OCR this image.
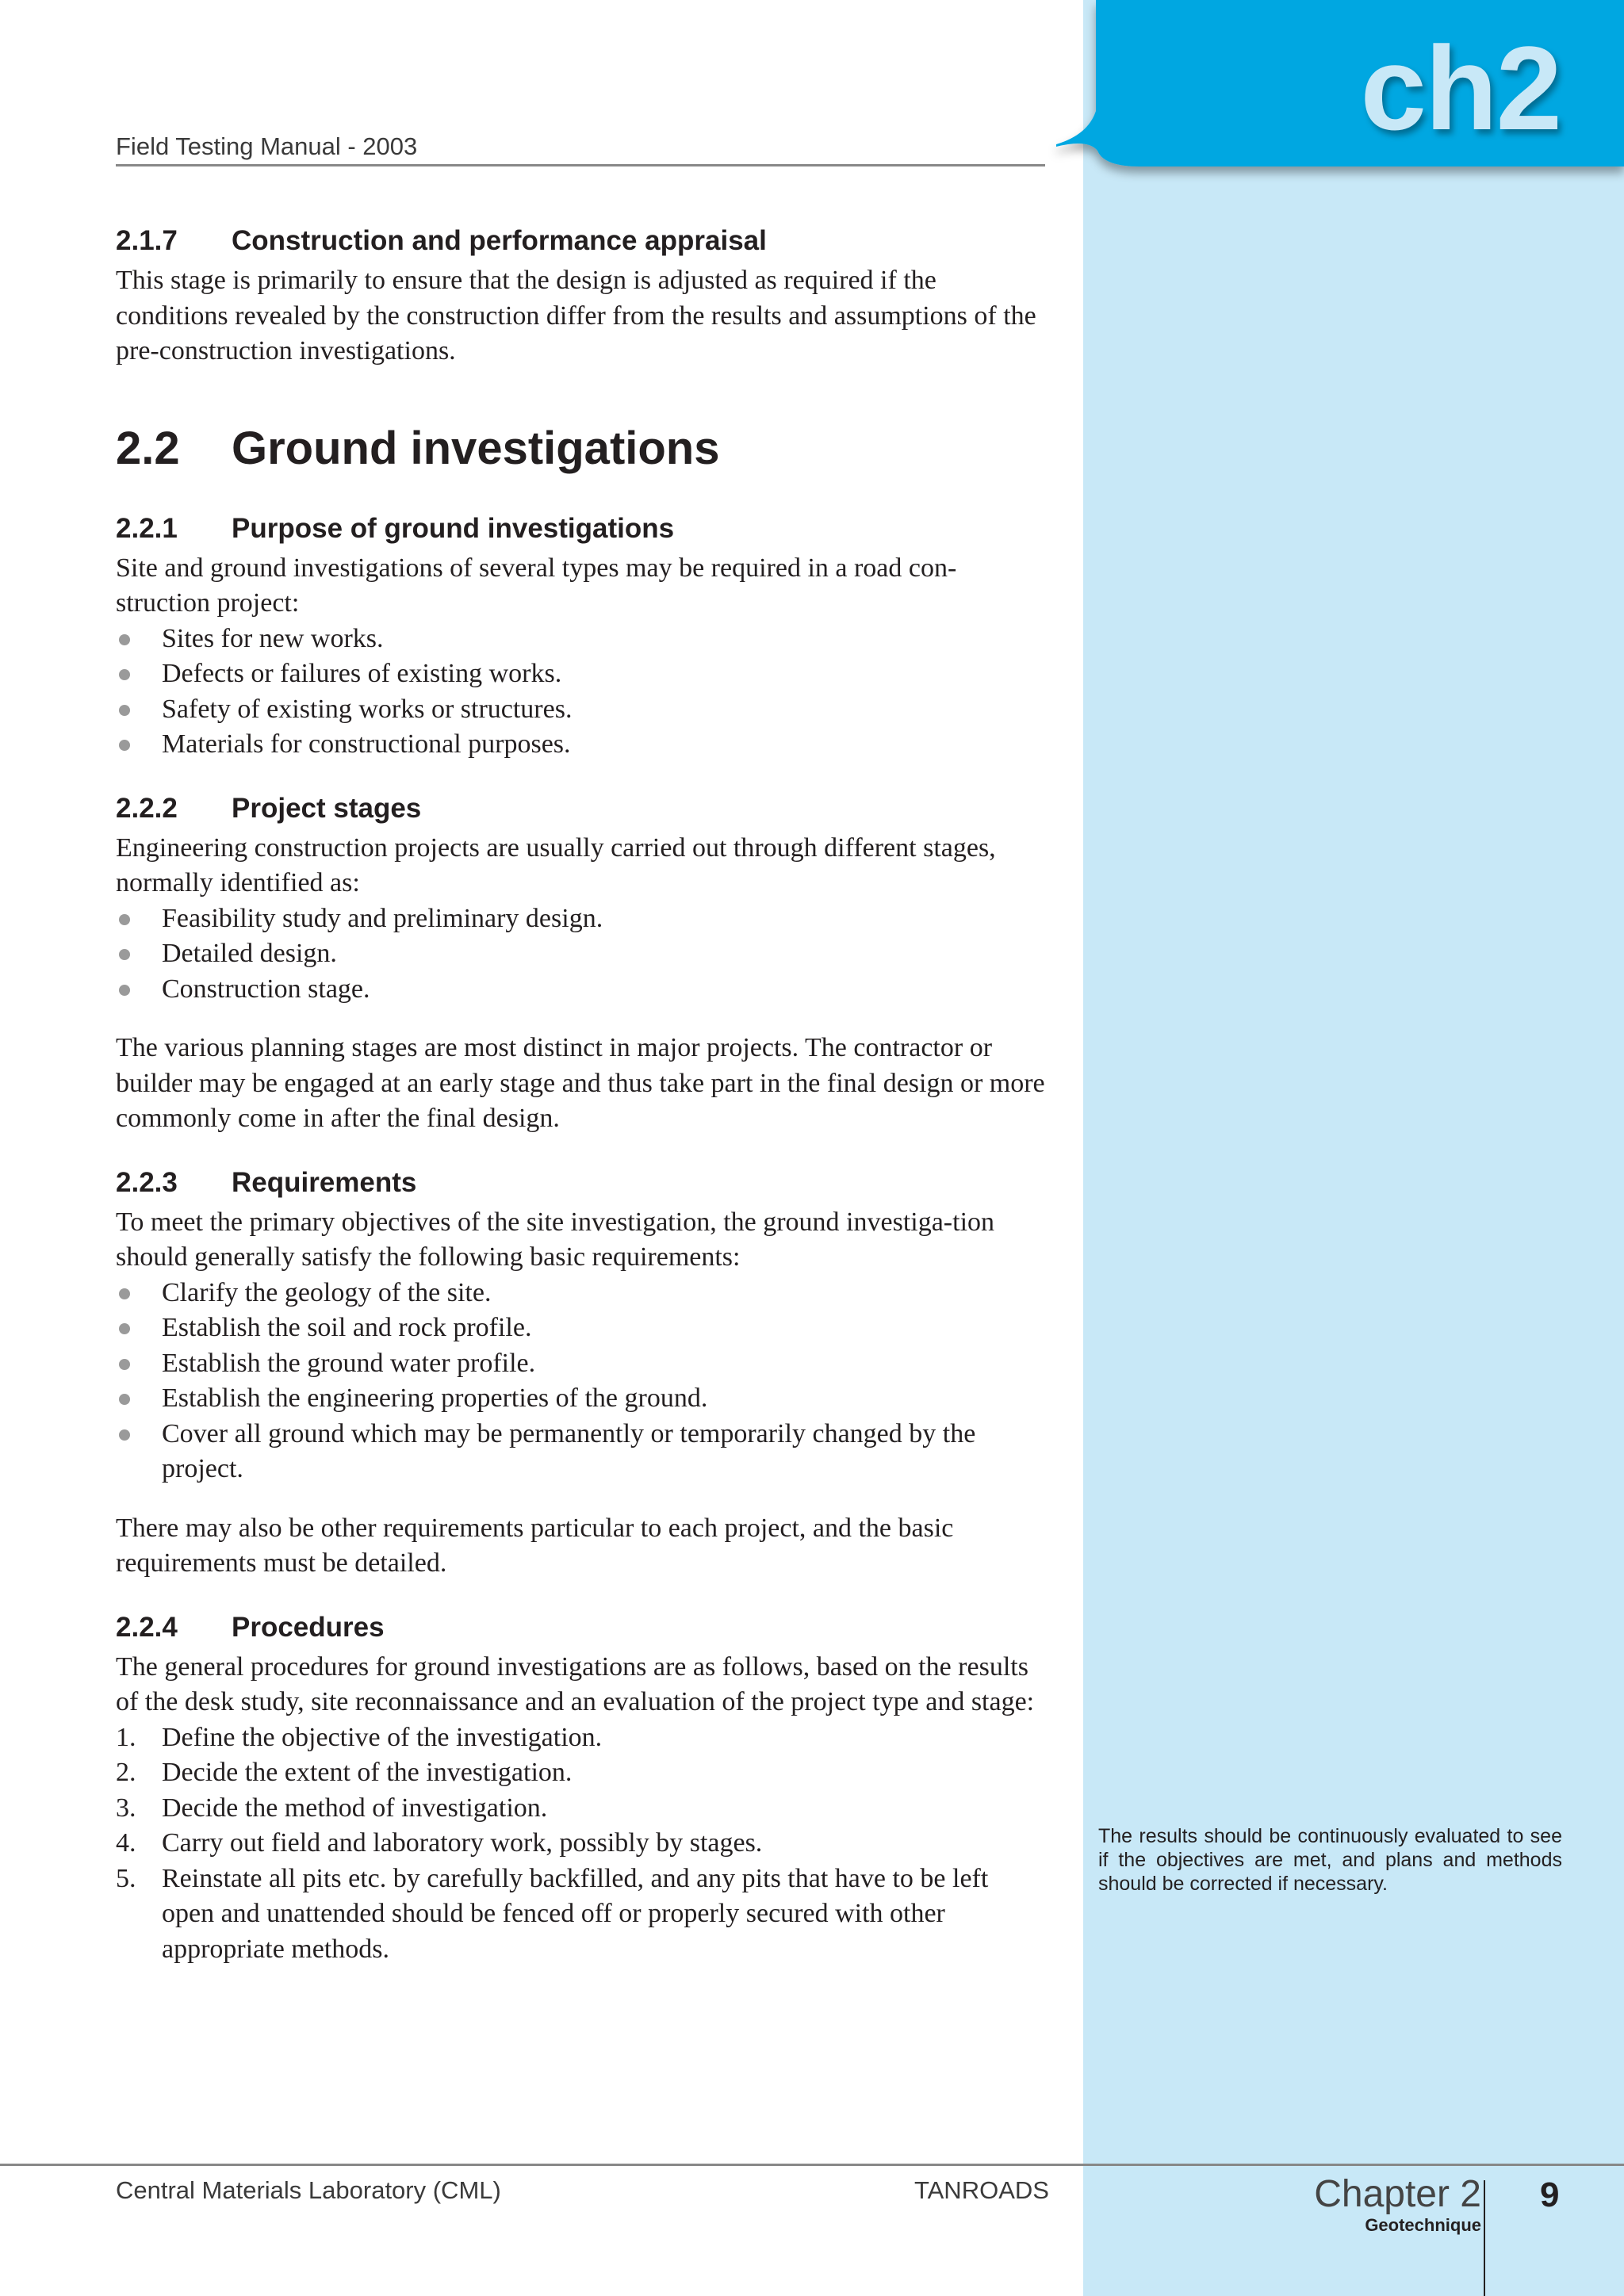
ch2
Field Testing Manual - 2003
2.1.7	Construction and performance appraisal

This stage is primarily to ensure that the design is adjusted as required if the conditions revealed by the construction differ from the results and assumptions of the pre-construction investigations.

2.2	Ground investigations
2.2.1	Purpose of ground investigations

Site and ground investigations of several types may be required in a road con-struction project:

Sites for new works.
Defects or failures of existing works.
Safety of existing works or structures.
Materials for constructional purposes.
2.2.2	Project stages

Engineering construction projects are usually carried out through different stages, normally identified as:

Feasibility study and preliminary design.
Detailed design.
Construction stage.

The various planning stages are most distinct in major projects. The contractor or builder may be engaged at an early stage and thus take part in the final design or more commonly come in after the final design.

2.2.3	Requirements

To meet the primary objectives of the site investigation, the ground investiga-tion should generally satisfy the following basic requirements:

Clarify the geology of the site.
Establish the soil and rock profile.
Establish the ground water profile.
Establish the engineering properties of the ground.
Cover all ground which may be permanently or temporarily changed by the project.

There may also be other requirements particular to each project, and the basic requirements must be detailed.

2.2.4	Procedures

The general procedures for ground investigations are as follows, based on the results of the desk study, site reconnaissance and an evaluation of the project type and stage:

1. Define the objective of the investigation.
2. Decide the extent of the investigation.
3. Decide the method of investigation.
4. Carry out field and laboratory work, possibly by stages.
5. Reinstate all pits etc. by carefully backfilled, and any pits that have to be left open and unattended should be fenced off or properly secured with other appropriate methods.
The results should be continuously evaluated to see if the objectives are met, and plans and methods should be corrected if necessary.
Central Materials Laboratory (CML)	TANROADS	Chapter 2
Geotechnique
9
